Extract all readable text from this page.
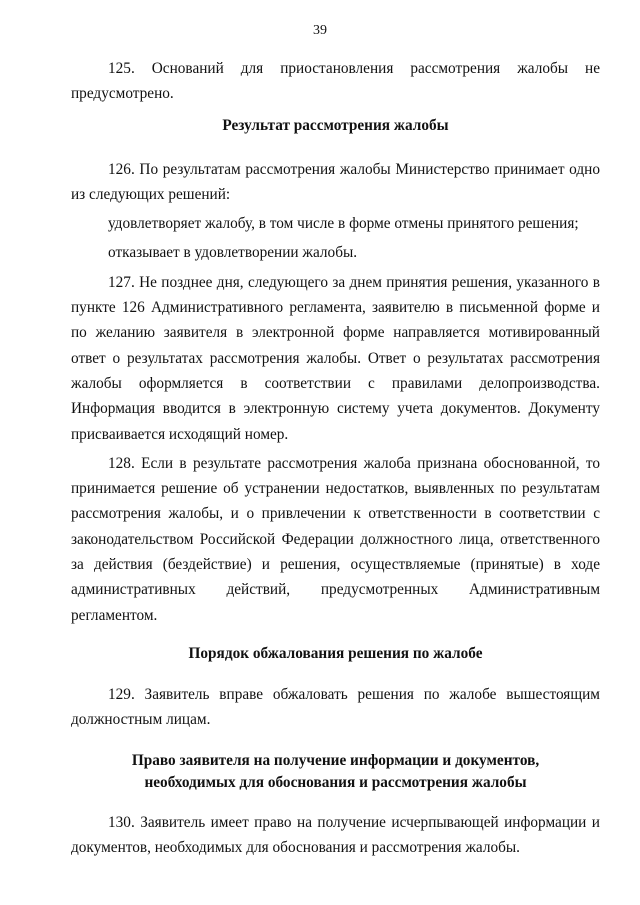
39

125. Оснований для приостановления рассмотрения жалобы не предусмотрено.

Результат рассмотрения жалобы

126. По результатам рассмотрения жалобы Министерство принимает одно из следующих решений:

удовлетворяет жалобу, в том числе в форме отмены принятого решения;

отказывает в удовлетворении жалобы.

127. Не позднее дня, следующего за днем принятия решения, указанного в пункте 126 Административного регламента, заявителю в письменной форме и по желанию заявителя в электронной форме направляется мотивированный ответ о результатах рассмотрения жалобы. Ответ о результатах рассмотрения жалобы оформляется в соответствии с правилами делопроизводства. Информация вводится в электронную систему учета документов. Документу присваивается исходящий номер.

128. Если в результате рассмотрения жалоба признана обоснованной, то принимается решение об устранении недостатков, выявленных по результатам рассмотрения жалобы, и о привлечении к ответственности в соответствии с законодательством Российской Федерации должностного лица, ответственного за действия (бездействие) и решения, осуществляемые (принятые) в ходе административных действий, предусмотренных Административным регламентом.

Порядок обжалования решения по жалобе

129. Заявитель вправе обжаловать решения по жалобе вышестоящим должностным лицам.

Право заявителя на получение информации и документов,
необходимых для обоснования и рассмотрения жалобы

130. Заявитель имеет право на получение исчерпывающей информации и документов, необходимых для обоснования и рассмотрения жалобы.
